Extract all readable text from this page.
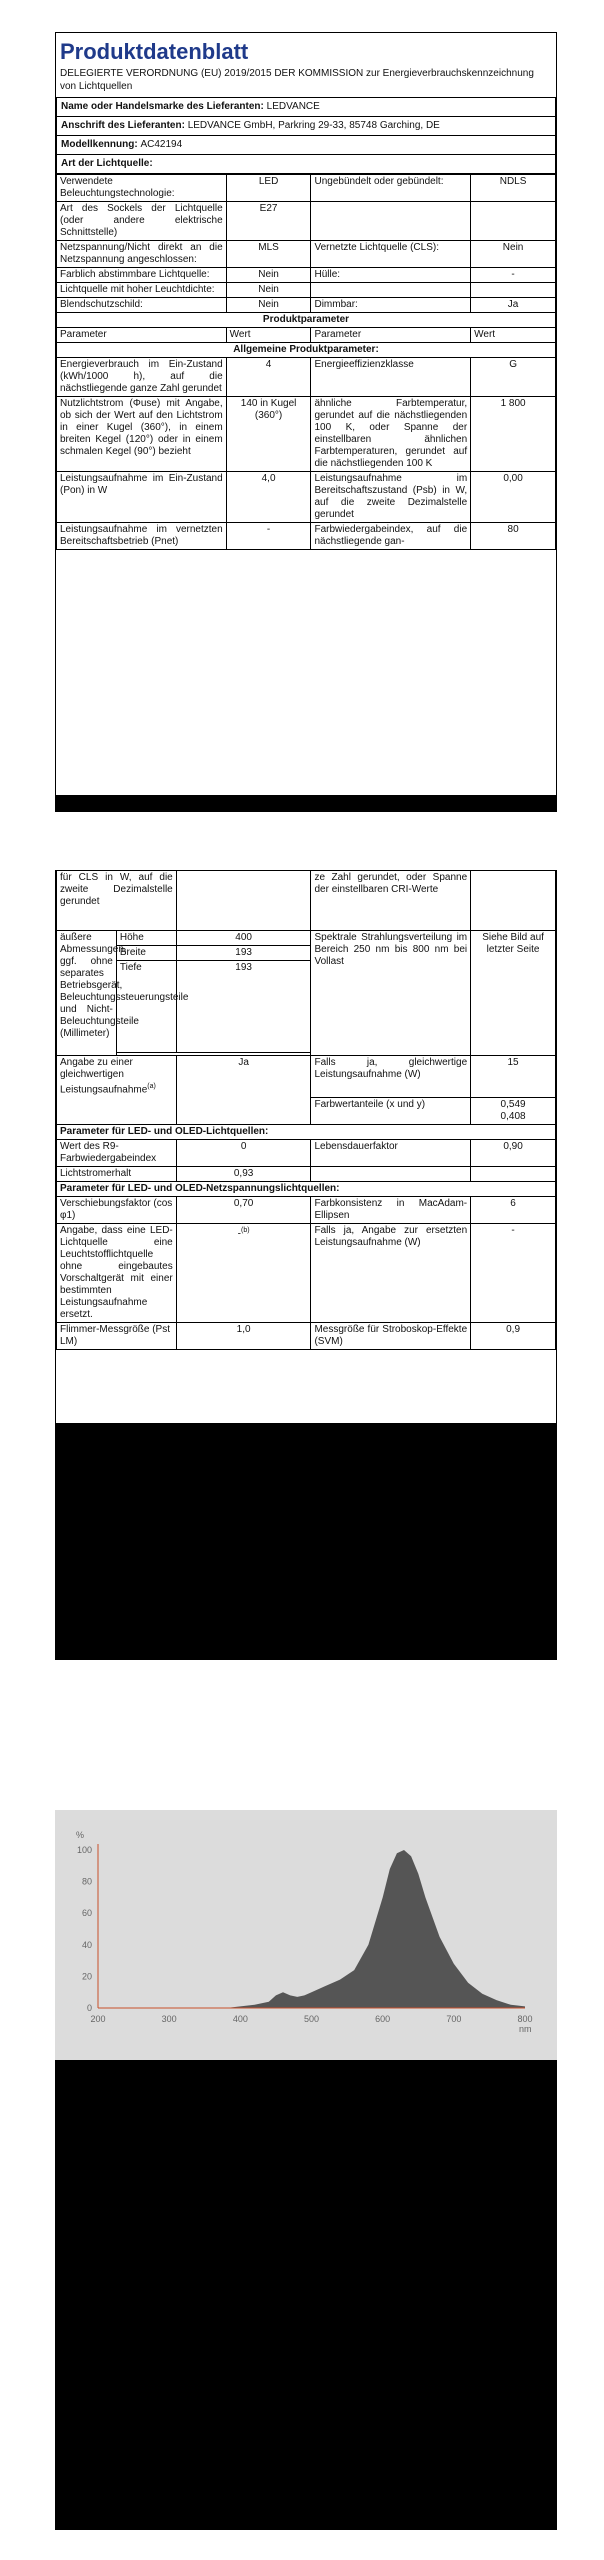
Produktdatenblatt
DELEGIERTE VERORDNUNG (EU) 2019/2015 DER KOMMISSION zur Energieverbrauchskennzeichnung von Lichtquellen
Name oder Handelsmarke des Lieferanten: LEDVANCE
Anschrift des Lieferanten: LEDVANCE GmbH, Parkring 29-33, 85748 Garching, DE
Modellkennung: AC42194
Art der Lichtquelle:
Verwendete Beleuchtungstechnologie:	LED	Ungebündelt oder gebündelt:	NDLS
Art des Sockels der Lichtquelle (oder andere elektrische Schnittstelle)	E27		
Netzspannung/Nicht direkt an die Netzspannung angeschlossen:	MLS	Vernetzte Lichtquelle (CLS):	Nein
Farblich abstimmbare Lichtquelle:	Nein	Hülle:	-
Lichtquelle mit hoher Leuchtdichte:	Nein		
Blendschutzschild:	Nein	Dimmbar:	Ja
Produktparameter			
Parameter	Wert	Parameter	Wert
Allgemeine Produktparameter:			
Energieverbrauch im Ein-Zustand (kWh/1000 h), auf die nächstliegende ganze Zahl gerundet	4	Energieeffizienzklasse	G
Nutzlichtstrom (Φuse) mit Angabe, ob sich der Wert auf den Lichtstrom in einer Kugel (360°), in einem breiten Kegel (120°) oder in einem schmalen Kegel (90°) bezieht	140 in Kugel (360°)	ähnliche Farbtemperatur, gerundet auf die nächstliegenden 100 K, oder Spanne der einstellbaren ähnlichen Farbtemperaturen, gerundet auf die nächstliegenden 100 K	1 800
Leistungsaufnahme im Ein-Zustand (Pon) in W	4,0	Leistungsaufnahme im Bereitschaftszustand (Psb) in W, auf die zweite Dezimalstelle gerundet	0,00
Leistungsaufnahme im vernetzten Bereitschaftsbetrieb (Pnet)	-	Farbwiedergabeindex, auf die nächstliegende gan-	80
für CLS in W, auf die zweite Dezimalstelle gerundet			ze Zahl gerundet, oder Spanne der einstellbaren CRI-Werte	
äußere Abmessungen, ggf. ohne separates Betriebsgerät, Beleuchtungssteuerungsteile und Nicht-Beleuchtungsteile (Millimeter)	Höhe	400	Spektrale Strahlungsverteilung im Bereich 250 nm bis 800 nm bei Vollast	Siehe Bild auf letzter Seite
	Breite	193		
	Tiefe	193		

Angabe zu einer gleichwertigen Leistungsaufnahme$^{(a)}$		Ja	Falls ja, gleichwertige Leistungsaufnahme (W)	15
			Farbwertanteile (x und y)	0,549
0,408

Parameter für LED- und OLED-Lichtquellen:				
Wert des R9-Farbwiedergabeindex		0	Lebensdauerfaktor	0,90
Lichtstromerhalt		0,93		
Parameter für LED- und OLED-Netzspannungslichtquellen:				
Verschiebungsfaktor (cos φ1)		0,70	Farbkonsistenz in MacAdam-Ellipsen	6
Angabe, dass eine LED-Lichtquelle eine Leuchtstofflichtquelle ohne eingebautes Vorschaltgerät mit einer bestimmten Leistungsaufnahme ersetzt.		-$^{(b)}$	Falls ja, Angabe zur ersetzten Leistungsaufnahme (W)	-
Flimmer-Messgröße (Pst LM)		1,0	Messgröße für Stroboskop-Effekte (SVM)	0,9
200	300	400	500	600	700	800
0
20
40
60
80
100
%
nm
